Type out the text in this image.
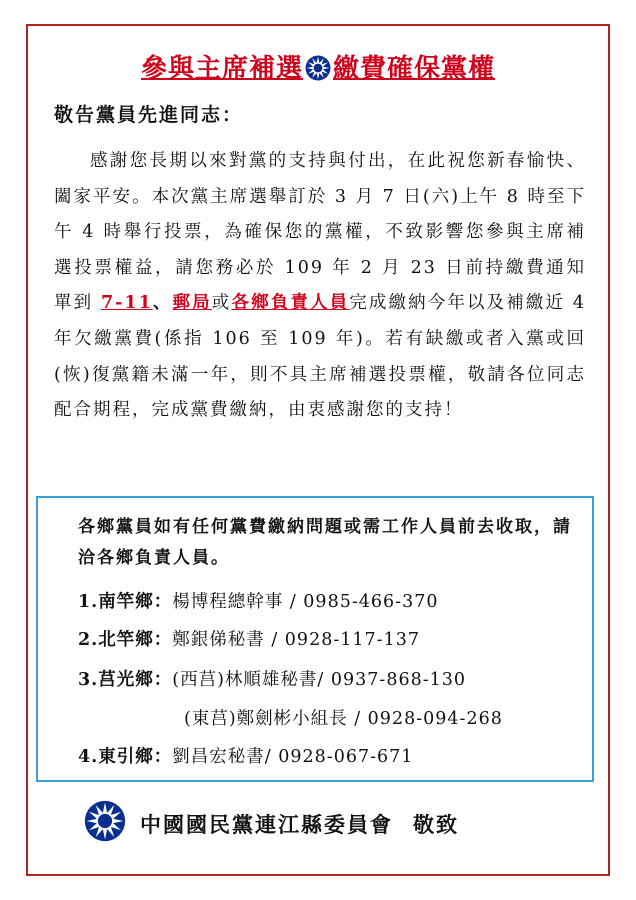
參與主席補選 繳費確保黨權
敬告黨員先進同志：

感謝您長期以來對黨的支持與付出，在此祝您新春愉快、闔家平安。本次黨主席選舉訂於 3 月 7 日(六)上午 8 時至下午 4 時舉行投票，為確保您的黨權，不致影響您參與主席補選投票權益，請您務必於 109 年 2 月 23 日前持繳費通知單到 7-11、郵局或各鄉負責人員完成繳納今年以及補繳近 4 年欠繳黨費(係指 106 至 109 年)。若有缺繳或者入黨或回(恢)復黨籍未滿一年，則不具主席補選投票權，敬請各位同志配合期程，完成黨費繳納，由衷感謝您的支持！

各鄉黨員如有任何黨費繳納問題或需工作人員前去收取，請洽各鄉負責人員。

1.南竿鄉：楊博程總幹事 / 0985-466-370
2.北竿鄉：鄭銀俤秘書 / 0928-117-137
3.莒光鄉：(西莒)林順雄秘書/ 0937-868-130
(東莒)鄭劍彬小組長 / 0928-094-268
4.東引鄉：劉昌宏秘書/ 0928-067-671
中國國民黨連江縣委員會 敬致
